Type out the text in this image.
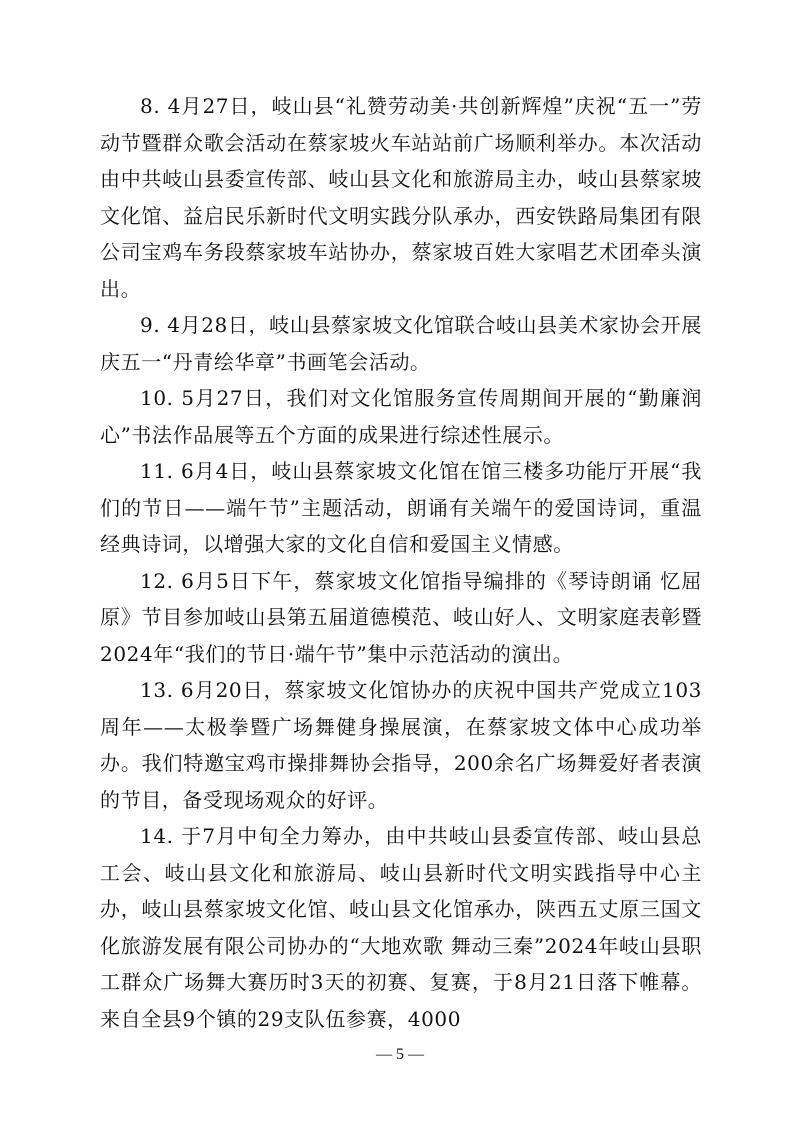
8. 4月27日，岐山县“礼赞劳动美·共创新辉煌”庆祝“五一”劳动节暨群众歌会活动在蔡家坡火车站站前广场顺利举办。本次活动由中共岐山县委宣传部、岐山县文化和旅游局主办，岐山县蔡家坡文化馆、益启民乐新时代文明实践分队承办，西安铁路局集团有限公司宝鸡车务段蔡家坡车站协办，蔡家坡百姓大家唱艺术团牵头演出。

9. 4月28日，岐山县蔡家坡文化馆联合岐山县美术家协会开展庆五一“丹青绘华章”书画笔会活动。

10. 5月27日，我们对文化馆服务宣传周期间开展的“勤廉润心”书法作品展等五个方面的成果进行综述性展示。

11. 6月4日，岐山县蔡家坡文化馆在馆三楼多功能厅开展“我们的节日——端午节”主题活动，朗诵有关端午的爱国诗词，重温经典诗词，以增强大家的文化自信和爱国主义情感。

12. 6月5日下午，蔡家坡文化馆指导编排的《琴诗朗诵 忆屈原》节目参加岐山县第五届道德模范、岐山好人、文明家庭表彰暨2024年“我们的节日·端午节”集中示范活动的演出。

13. 6月20日，蔡家坡文化馆协办的庆祝中国共产党成立103周年——太极拳暨广场舞健身操展演，在蔡家坡文体中心成功举办。我们特邀宝鸡市操排舞协会指导，200余名广场舞爱好者表演的节目，备受现场观众的好评。

14. 于7月中旬全力筹办，由中共岐山县委宣传部、岐山县总工会、岐山县文化和旅游局、岐山县新时代文明实践指导中心主办，岐山县蔡家坡文化馆、岐山县文化馆承办，陕西五丈原三国文化旅游发展有限公司协办的“大地欢歌 舞动三秦”2024年岐山县职工群众广场舞大赛历时3天的初赛、复赛，于8月21日落下帷幕。来自全县9个镇的29支队伍参赛，4000

— 5 —
